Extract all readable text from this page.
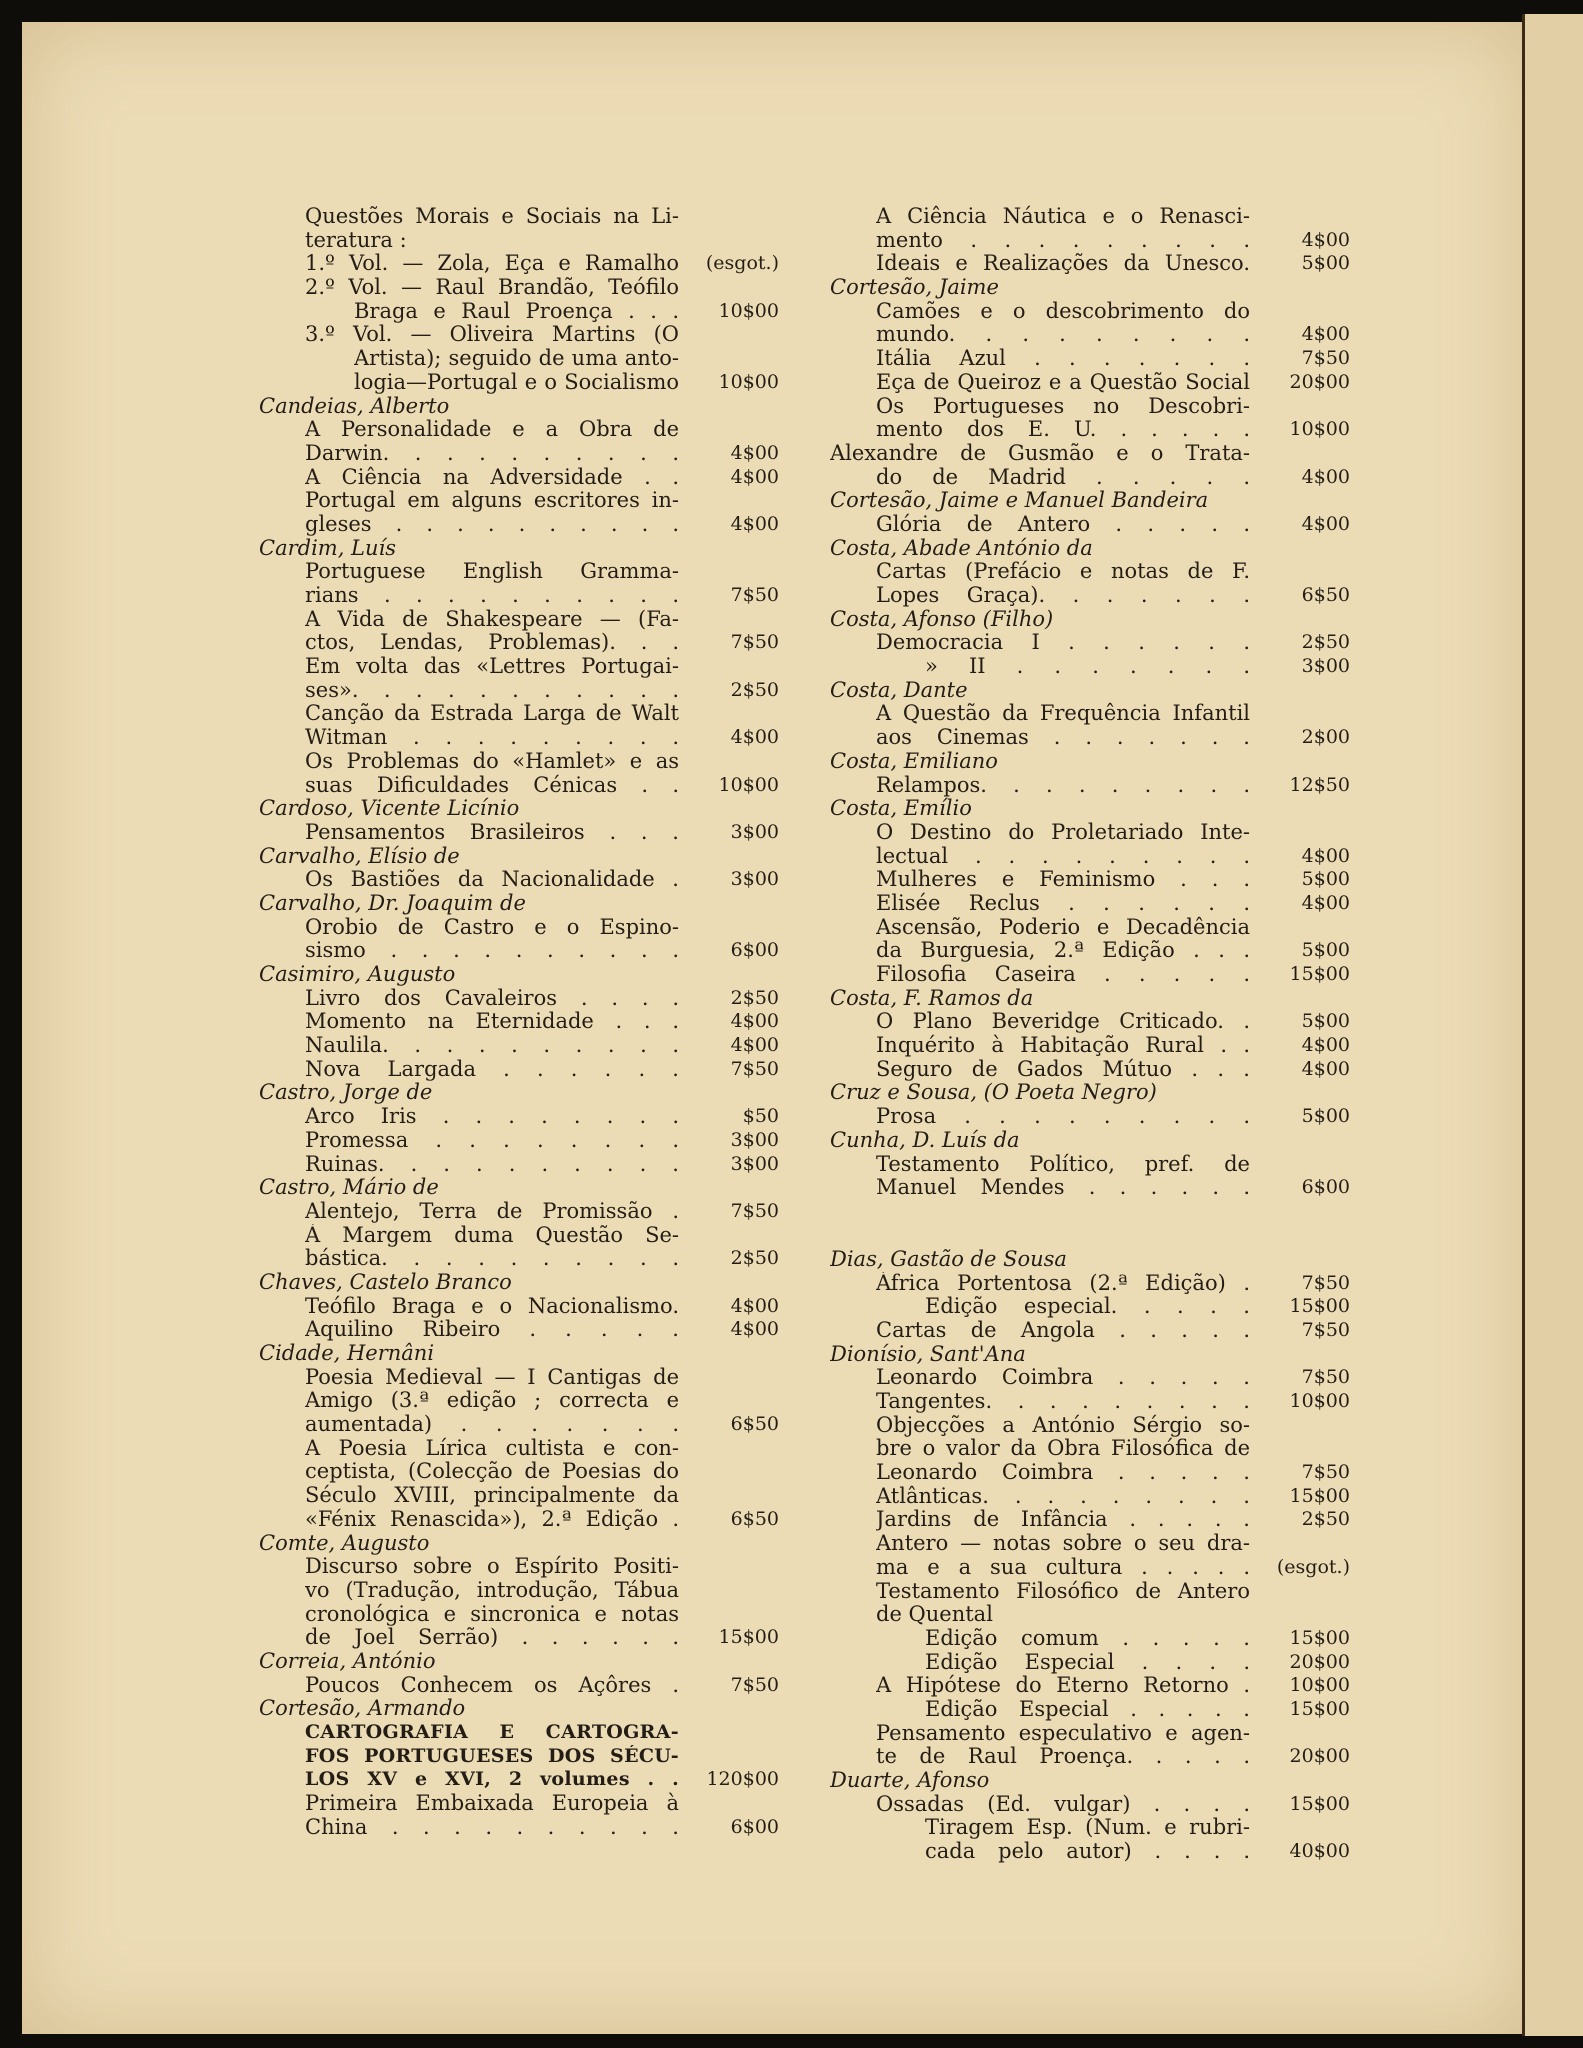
Questões Morais e Sociais na Li-
teratura :
1.º Vol. — Zola, Eça e Ramalho	(esgot.)
2.º Vol. — Raul Brandão, Teófilo
Braga e Raul Proença . . .	10$00
3.º Vol. — Oliveira Martins (O
Artista); seguido de uma anto-
logia—Portugal e o Socialismo	10$00
Candeias, Alberto
A Personalidade e a Obra de
Darwin. . . . . . . . . .	4$00
A Ciência na Adversidade . .	4$00
Portugal em alguns escritores in-
gleses . . . . . . . . . .	4$00
Cardim, Luís
Portuguese English Gramma-
rians . . . . . . . . . .	7$50
A Vida de Shakespeare — (Fa-
ctos, Lendas, Problemas). . .	7$50
Em volta das «Lettres Portugai-
ses». . . . . . . . . . .	2$50
Canção da Estrada Larga de Walt
Witman . . . . . . . . .	4$00
Os Problemas do «Hamlet» e as
suas Dificuldades Cénicas . .	10$00
Cardoso, Vicente Licínio
Pensamentos Brasileiros . . .	3$00
Carvalho, Elísio de
Os Bastiões da Nacionalidade .	3$00
Carvalho, Dr. Joaquim de
Orobio de Castro e o Espino-
sismo . . . . . . . . . .	6$00
Casimiro, Augusto
Livro dos Cavaleiros . . . .	2$50
Momento na Eternidade . . .	4$00
Naulila. . . . . . . . . .	4$00
Nova Largada . . . . . .	7$50
Castro, Jorge de
Arco Iris . . . . . . . .	$50
Promessa . . . . . . . .	3$00
Ruinas. . . . . . . . . .	3$00
Castro, Mário de
Alentejo, Terra de Promissão .	7$50
À Margem duma Questão Se-
bástica. . . . . . . . . .	2$50
Chaves, Castelo Branco
Teófilo Braga e o Nacionalismo.	4$00
Aquilino Ribeiro . . . . .	4$00
Cidade, Hernâni
Poesia Medieval — I Cantigas de
Amigo (3.ª edição ; correcta e
aumentada) . . . . . . .	6$50
A Poesia Lírica cultista e con-
ceptista, (Colecção de Poesias do
Século XVIII, principalmente da
«Fénix Renascida»), 2.ª Edição .	6$50
Comte, Augusto
Discurso sobre o Espírito Positi-
vo (Tradução, introdução, Tábua
cronológica e sincronica e notas
de Joel Serrão) . . . . . .	15$00
Correia, António
Poucos Conhecem os Açôres .	7$50
Cortesão, Armando
CARTOGRAFIA E CARTOGRA-
FOS PORTUGUESES DOS SÉCU-
LOS XV e XVI, 2 volumes . .	120$00
Primeira Embaixada Europeia à
China . . . . . . . . . .	6$00
A Ciência Náutica e o Renasci-
mento . . . . . . . . .	4$00
Ideais e Realizações da Unesco.	5$00
Cortesão, Jaime
Camões e o descobrimento do
mundo. . . . . . . . .	4$00
Itália Azul . . . . . . .	7$50
Eça de Queiroz e a Questão Social	20$00
Os Portugueses no Descobri-
mento dos E. U. . . . . .	10$00
Alexandre de Gusmão e o Trata-
do de Madrid . . . . .	4$00
Cortesão, Jaime e Manuel Bandeira
Glória de Antero . . . . .	4$00
Costa, Abade António da
Cartas (Prefácio e notas de F.
Lopes Graça). . . . . . .	6$50
Costa, Afonso (Filho)
Democracia I . . . . . .	2$50
» II . . . . . . .	3$00
Costa, Dante
A Questão da Frequência Infantil
aos Cinemas . . . . . . .	2$00
Costa, Emiliano
Relampos. . . . . . . . .	12$50
Costa, Emílio
O Destino do Proletariado Inte-
lectual . . . . . . . . .	4$00
Mulheres e Feminismo . . .	5$00
Elisée Reclus . . . . . .	4$00
Ascensão, Poderio e Decadência
da Burguesia, 2.ª Edição . . .	5$00
Filosofia Caseira . . . . .	15$00
Costa, F. Ramos da
O Plano Beveridge Criticado. .	5$00
Inquérito à Habitação Rural . .	4$00
Seguro de Gados Mútuo . . .	4$00
Cruz e Sousa, (O Poeta Negro)
Prosa . . . . . . . . .	5$00
Cunha, D. Luís da
Testamento Político, pref. de
Manuel Mendes . . . . . .	6$00
Dias, Gastão de Sousa
África Portentosa (2.ª Edição) .	7$50
Edição especial. . . . .	15$00
Cartas de Angola . . . . .	7$50
Dionísio, Sant'Ana
Leonardo Coimbra . . . . .	7$50
Tangentes. . . . . . . . .	10$00
Objecções a António Sérgio so-
bre o valor da Obra Filosófica de
Leonardo Coimbra . . . . .	7$50
Atlânticas. . . . . . . . .	15$00
Jardins de Infância . . . . .	2$50
Antero — notas sobre o seu dra-
ma e a sua cultura . . . . .	(esgot.)
Testamento Filosófico de Antero
de Quental
Edição comum . . . . .	15$00
Edição Especial . . . .	20$00
A Hipótese do Eterno Retorno .	10$00
Edição Especial . . . . .	15$00
Pensamento especulativo e agen-
te de Raul Proença. . . . .	20$00
Duarte, Afonso
Ossadas (Ed. vulgar) . . . .	15$00
Tiragem Esp. (Num. e rubri-
cada pelo autor) . . . .	40$00
